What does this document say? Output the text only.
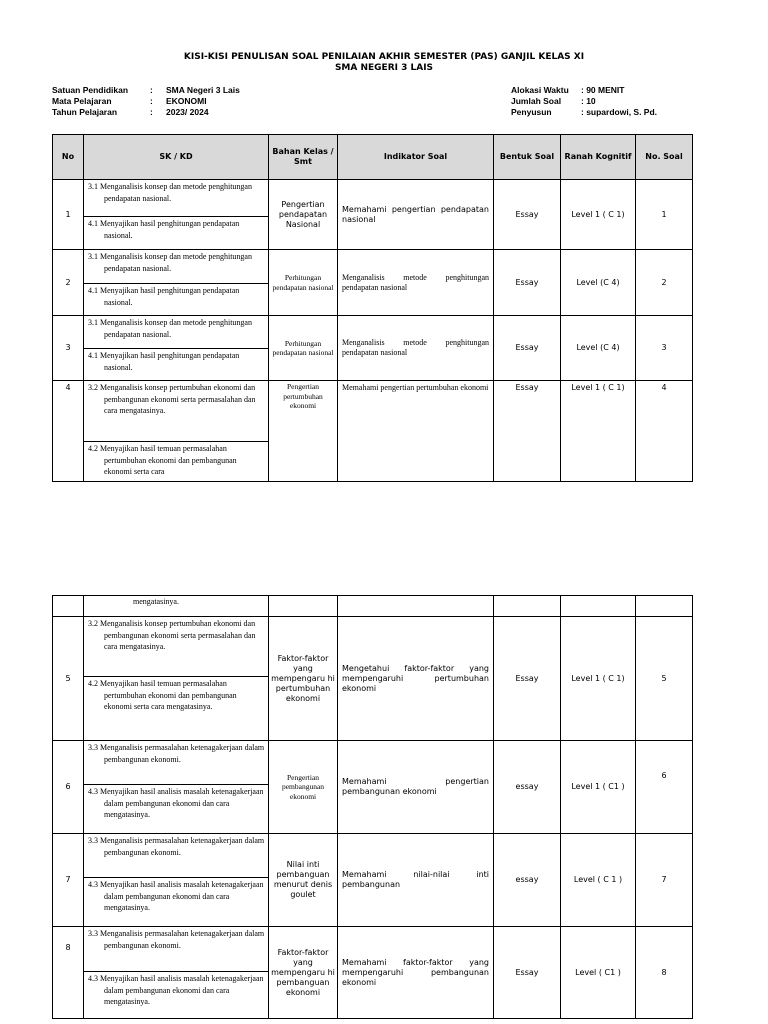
KISI-KISI PENULISAN SOAL PENILAIAN AKHIR SEMESTER (PAS) GANJIL KELAS XI
SMA NEGERI 3 LAIS
Satuan Pendidikan	: SMA Negeri 3 Lais
Mata Pelajaran	: EKONOMI
Tahun Pelajaran	: 2023/ 2024
Alokasi Waktu : 90 MENIT
Jumlah Soal : 10
Penyusun	: supardowi, S. Pd.
No	SK / KD	Bahan Kelas / Smt	Indikator Soal	Bentuk Soal	Ranah Kognitif	No. Soal
1	3.1 Menganalisis konsep dan metode penghitungan pendapatan nasional.	Pengertian pendapatan Nasional	Memahami pengertian pendapatan nasional	Essay	Level 1 ( C 1)	1
	4.1 Menyajikan hasil penghitungan pendapatan nasional.					
2	3.1 Menganalisis konsep dan metode penghitungan pendapatan nasional.	Perhitungan pendapatan nasional	Menganalisis metode penghitungan pendapatan nasional	Essay	Level (C 4)	2
	4.1 Menyajikan hasil penghitungan pendapatan nasional.					
3	3.1 Menganalisis konsep dan metode penghitungan pendapatan nasional.	Perhitungan pendapatan nasional	Menganalisis metode penghitungan pendapatan nasional	Essay	Level (C 4)	3
	4.1 Menyajikan hasil penghitungan pendapatan nasional.					
4	3.2 Menganalisis konsep pertumbuhan ekonomi dan pembangunan ekonomi serta permasalahan dan cara mengatasinya.	Pengertian pertumbuhan ekonomi	Memahami pengertian pertumbuhan ekonomi	Essay	Level 1 ( C 1)	4
	4.2 Menyajikan hasil temuan permasalahan pertumbuhan ekonomi dan pembangunan ekonomi serta cara					
	mengatasinya.					
5	3.2 Menganalisis konsep pertumbuhan ekonomi dan pembangunan ekonomi serta permasalahan dan cara mengatasinya.	Faktor-faktor yang mempengaru hi pertumbuhan ekonomi	Mengetahui faktor-faktor yang mempengaruhi pertumbuhan ekonomi	Essay	Level 1 ( C 1)	5
	4.2 Menyajikan hasil temuan permasalahan pertumbuhan ekonomi dan pembangunan ekonomi serta cara mengatasinya.					
6	3.3 Menganalisis permasalahan ketenagakerjaan dalam pembangunan ekonomi.	Pengertian pembangunan ekonomi	Memahami pengertian pembangunan ekonomi	essay	Level 1 ( C1 )	6
	4.3 Menyajikan hasil analisis masalah ketenagakerjaan dalam pembangunan ekonomi dan cara mengatasinya.					
7	3.3 Menganalisis permasalahan ketenagakerjaan dalam pembangunan ekonomi.	Nilai inti pembanguan menurut denis goulet	Memahami nilai-nilai inti pembangunan	essay	Level ( C 1 )	7
	4.3 Menyajikan hasil analisis masalah ketenagakerjaan dalam pembangunan ekonomi dan cara mengatasinya.					
8	3.3 Menganalisis permasalahan ketenagakerjaan dalam pembangunan ekonomi.	Faktor-faktor yang mempengaru hi pembanguan ekonomi	Memahami faktor-faktor yang mempengaruhi pembangunan ekonomi	Essay	Level ( C1 )	8
	4.3 Menyajikan hasil analisis masalah ketenagakerjaan dalam pembangunan ekonomi dan cara mengatasinya.					
